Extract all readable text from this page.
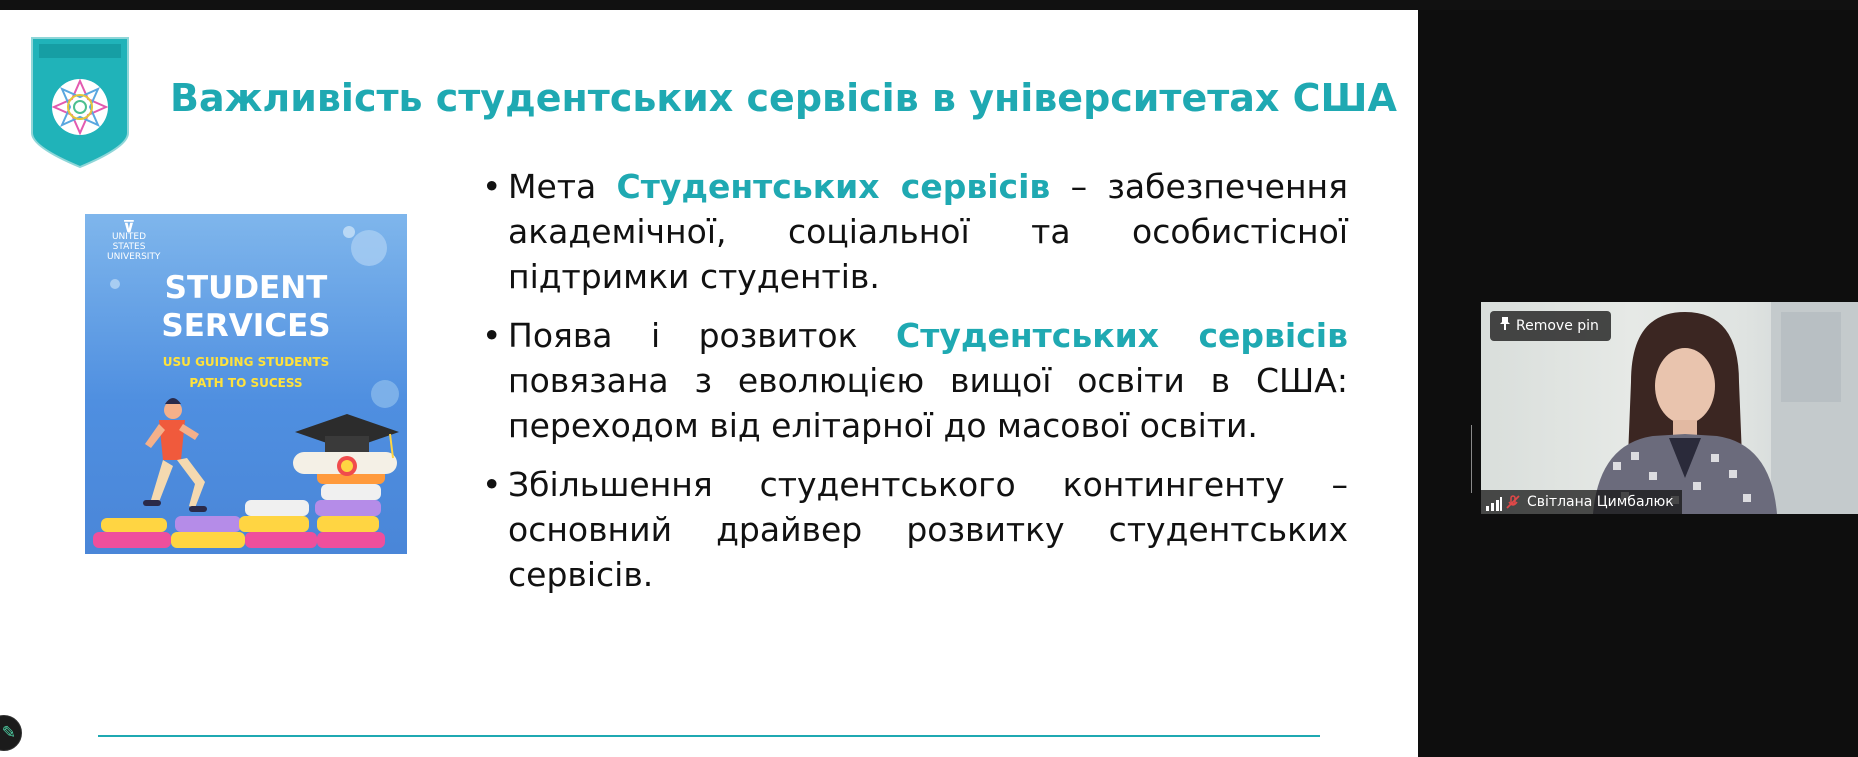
Важливість студентських сервісів в університетах США
⊽
UNITED STATES UNIVERSITY
STUDENT
SERVICES
USU GUIDING STUDENTS
PATH TO SUCESS
• Мета Студентських сервісів – забезпечення академічної, соціальної та особистісної підтримки студентів.
• Поява і розвиток Студентських сервісів повязана з еволюцією вищої освіти в США: переходом від елітарної до масової освіти.
• Збільшення студентського контингенту – основний драйвер розвитку студентських сервісів.
✎
Remove pin
Світлана Цимбалюк
